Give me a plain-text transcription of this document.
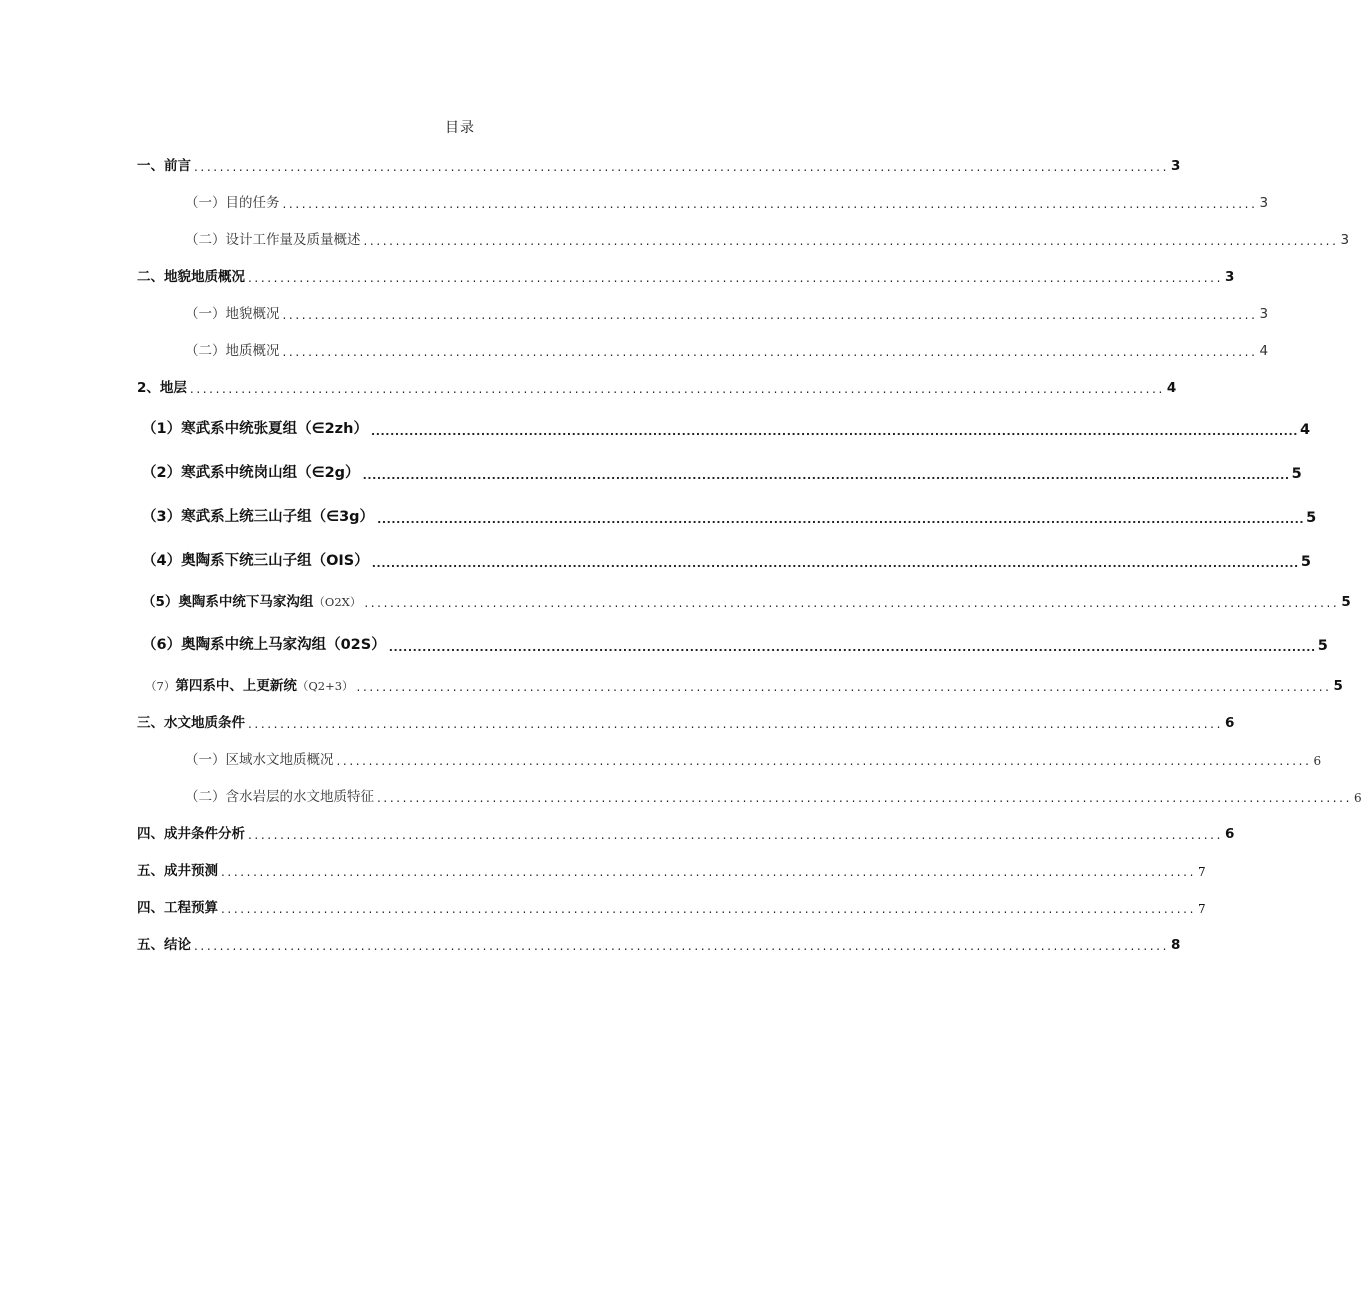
目录
一、前言 ........................................................................................................................................................ 3
（一）目的任务 ........................................................................................................................................................ 3
（二）设计工作量及质量概述 ........................................................................................................................................................ 3
二、地貌地质概况 ........................................................................................................................................................ 3
（一）地貌概况 ........................................................................................................................................................ 3
（二）地质概况 ........................................................................................................................................................ 4
2、地层 ........................................................................................................................................................ 4
（1）寒武系中统张夏组（∈2zh） .................................................................................................................................................................................................. 4
（2）寒武系中统岗山组（∈2g） .................................................................................................................................................................................................. 5
（3）寒武系上统三山子组（∈3g） .................................................................................................................................................................................................. 5
（4）奥陶系下统三山子组（OIS） .................................................................................................................................................................................................. 5
（5）奥陶系中统下马家沟组（O2X） ........................................................................................................................................................ 5
（6）奥陶系中统上马家沟组（02S） .................................................................................................................................................................................................. 5
（7）第四系中、上更新统（Q2+3） ........................................................................................................................................................ 5
三、水文地质条件 ........................................................................................................................................................ 6
（一）区域水文地质概况 ........................................................................................................................................................ 6
（二）含水岩层的水文地质特征 ........................................................................................................................................................ 6
四、成井条件分析 ........................................................................................................................................................ 6
五、成井预测 ........................................................................................................................................................ 7
四、工程预算 ........................................................................................................................................................ 7
五、结论 ........................................................................................................................................................ 8
